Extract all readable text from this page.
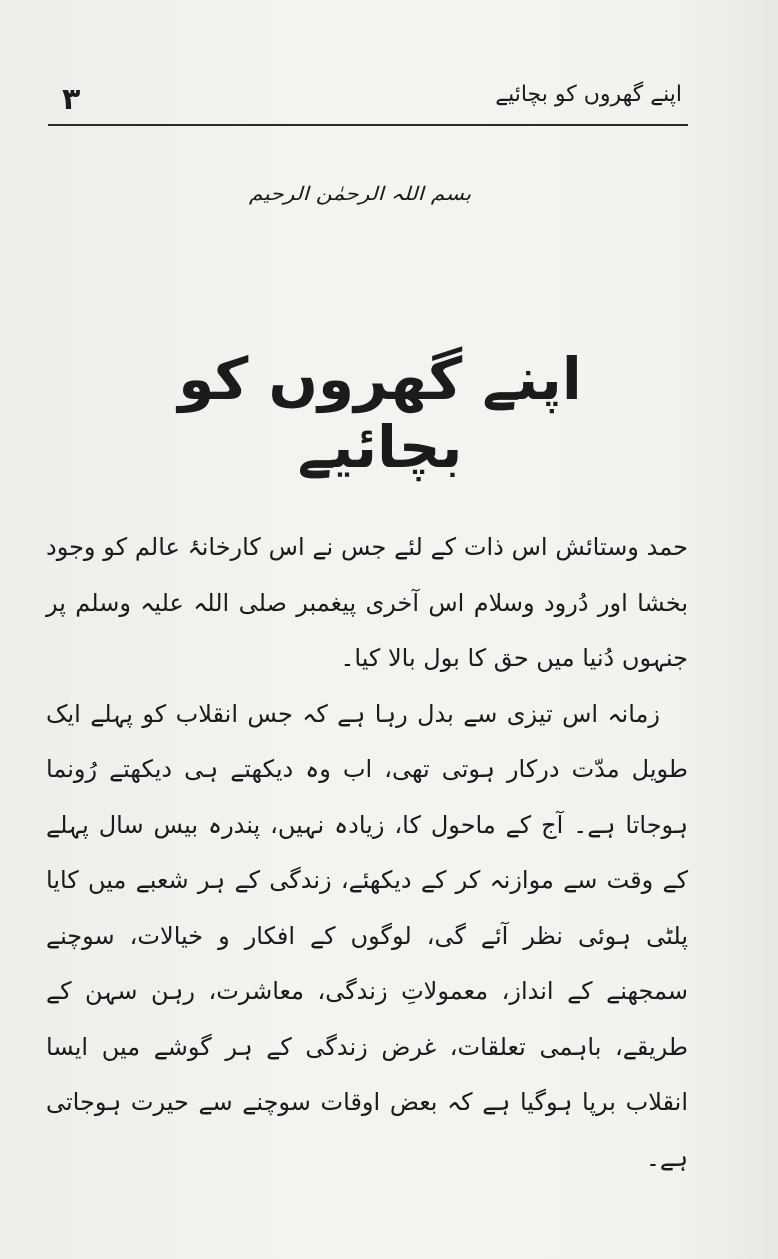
۳	اپنے گھروں کو بچائیے
بسم اللہ الرحمٰن الرحیم
اپنے گھروں کو بچائیے

حمد وستائش اس ذات کے لئے جس نے اس کارخانۂ عالم کو وجود بخشا اور دُرود وسلام اس آخری پیغمبر صلی اللہ علیہ وسلم پر جنہوں دُنیا میں حق کا بول بالا کیا۔

زمانہ اس تیزی سے بدل رہا ہے کہ جس انقلاب کو پہلے ایک طویل مدّت درکار ہوتی تھی، اب وہ دیکھتے ہی دیکھتے رُونما ہوجاتا ہے۔ آج کے ماحول کا، زیادہ نہیں، پندرہ بیس سال پہلے کے وقت سے موازنہ کر کے دیکھئے، زندگی کے ہر شعبے میں کایا پلٹی ہوئی نظر آئے گی، لوگوں کے افکار و خیالات، سوچنے سمجھنے کے انداز، معمولاتِ زندگی، معاشرت، رہن سہن کے طریقے، باہمی تعلقات، غرض زندگی کے ہر گوشے میں ایسا انقلاب برپا ہوگیا ہے کہ بعض اوقات سوچنے سے حیرت ہوجاتی ہے۔
